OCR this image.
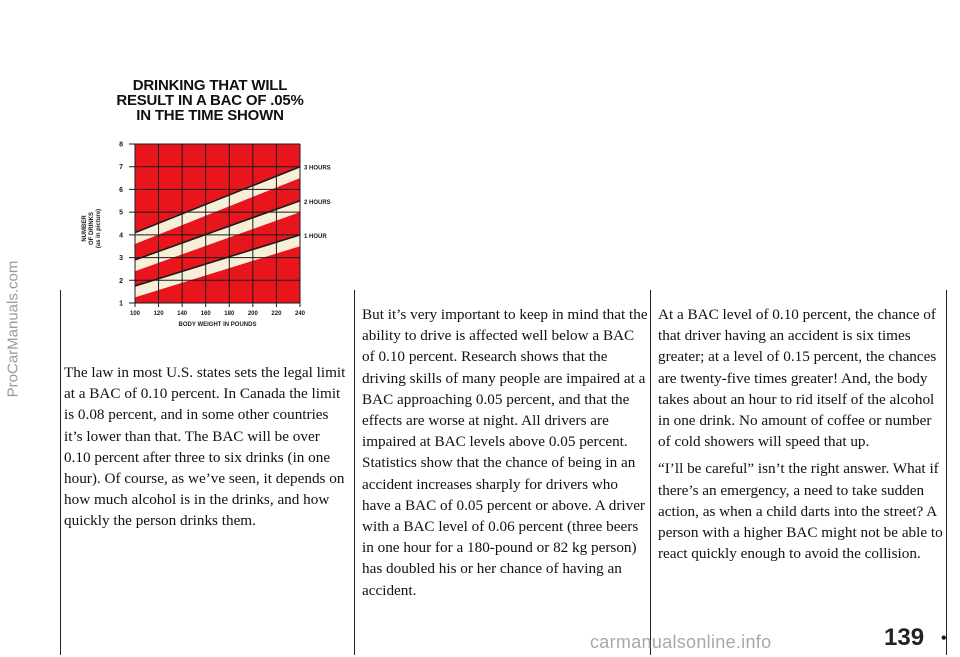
ProCarManuals.com
DRINKING THAT WILL
RESULT IN A BAC OF .05%
IN THE TIME SHOWN
3 HOURS
2 HOURS
1 HOUR
100 120 140 160 180 200 220 240
1
2
3
4
5
6
7
8
BODY WEIGHT IN POUNDS
NUMBER OF DRINKS (as in picture)

The law in most U.S. states sets the legal limit at a BAC of 0.10 percent. In Canada the limit is 0.08 percent, and in some other countries it’s lower than that. The BAC will be over 0.10 percent after three to six drinks (in one hour). Of course, as we’ve seen, it depends on how much alcohol is in the drinks, and how quickly the person drinks them.

But it’s very important to keep in mind that the ability to drive is affected well below a BAC of 0.10 percent. Research shows that the driving skills of many people are impaired at a BAC approaching 0.05 percent, and that the effects are worse at night. All drivers are impaired at BAC levels above 0.05 percent. Statistics show that the chance of being in an accident increases sharply for drivers who have a BAC of 0.05 percent or above. A driver with a BAC level of 0.06 percent (three beers in one hour for a 180-pound or 82 kg person) has doubled his or her chance of having an accident.

At a BAC level of 0.10 percent, the chance of that driver having an accident is six times greater; at a level of 0.15 percent, the chances are twenty-five times greater! And, the body takes about an hour to rid itself of the alcohol in one drink. No amount of coffee or number of cold showers will speed that up.

“I’ll be careful” isn’t the right answer. What if there’s an emergency, a need to take sudden action, as when a child darts into the street? A person with a higher BAC might not be able to react quickly enough to avoid the collision.

139 •
carmanualsonline.info
